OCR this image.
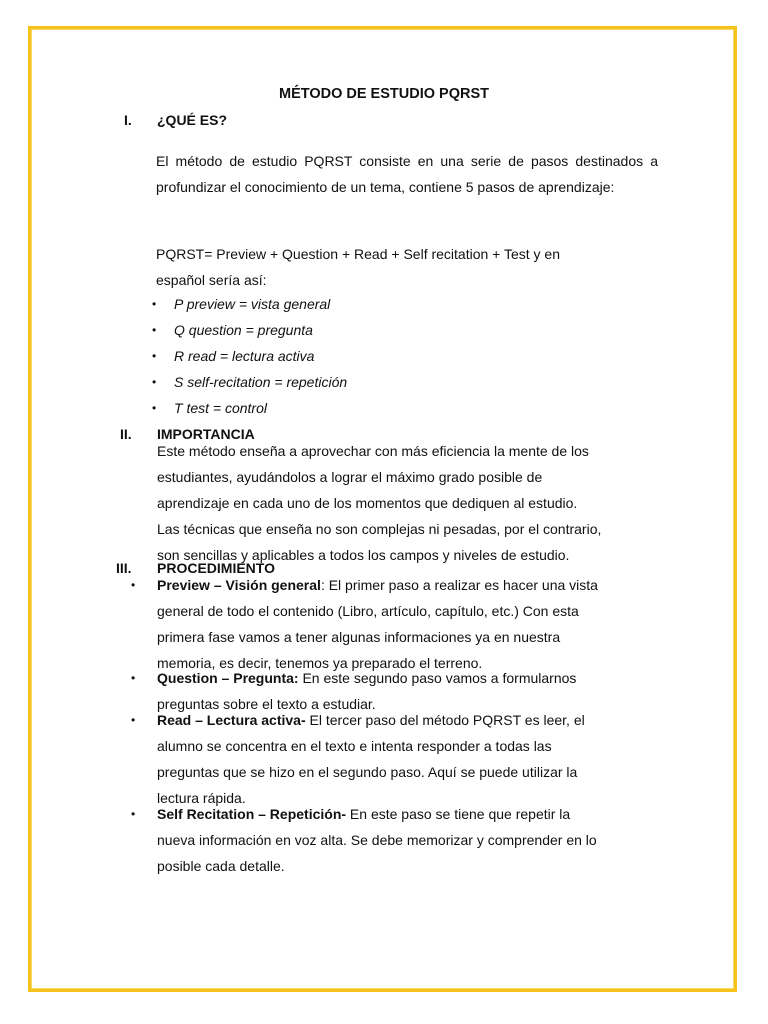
MÉTODO DE ESTUDIO PQRST
I. ¿QUÉ ES?
El método de estudio PQRST consiste en una serie de pasos destinados a profundizar el conocimiento de un tema, contiene 5 pasos de aprendizaje:
PQRST= Preview + Question + Read + Self recitation + Test y en
español sería así:
• P preview = vista general
• Q question = pregunta
• R read = lectura activa
• S self-recitation = repetición
• T test = control
II. IMPORTANCIA
Este método enseña a aprovechar con más eficiencia la mente de los
estudiantes, ayudándolos a lograr el máximo grado posible de
aprendizaje en cada uno de los momentos que dediquen al estudio.
Las técnicas que enseña no son complejas ni pesadas, por el contrario,
son sencillas y aplicables a todos los campos y niveles de estudio.
III. PROCEDIMIENTO
• Preview – Visión general: El primer paso a realizar es hacer una vista
general de todo el contenido (Libro, artículo, capítulo, etc.) Con esta
primera fase vamos a tener algunas informaciones ya en nuestra
memoria, es decir, tenemos ya preparado el terreno.
• Question – Pregunta: En este segundo paso vamos a formularnos
preguntas sobre el texto a estudiar.
• Read – Lectura activa- El tercer paso del método PQRST es leer, el
alumno se concentra en el texto e intenta responder a todas las
preguntas que se hizo en el segundo paso. Aquí se puede utilizar la
lectura rápida.
• Self Recitation – Repetición- En este paso se tiene que repetir la
nueva información en voz alta. Se debe memorizar y comprender en lo
posible cada detalle.
